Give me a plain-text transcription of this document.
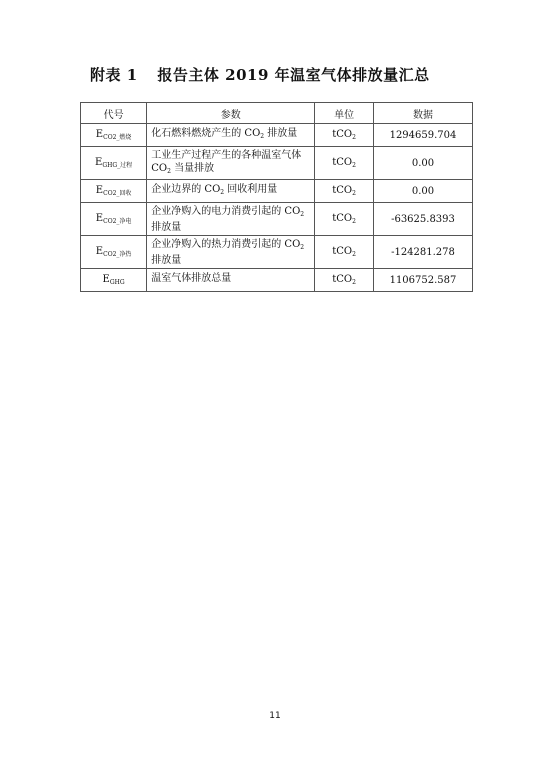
附表 1 报告主体 2019 年温室气体排放量汇总
代号	参数	单位	数据
$E_{CO2\_燃烧}$	化石燃料燃烧产生的 $CO_2$ 排放量	tCO$_2$	1294659.704
$E_{GHG\_过程}$	工业生产过程产生的各种温室气体 $CO_2$ 当量排放	tCO$_2$	0.00
$E_{CO2\_回收}$	企业边界的 $CO_2$ 回收利用量	tCO$_2$	0.00
$E_{CO2\_净电}$	企业净购入的电力消费引起的 $CO_2$ 排放量	tCO$_2$	-63625.8393
$E_{CO2\_净热}$	企业净购入的热力消费引起的 $CO_2$ 排放量	tCO$_2$	-124281.278
$E_{GHG}$	温室气体排放总量	tCO$_2$	1106752.587
11
